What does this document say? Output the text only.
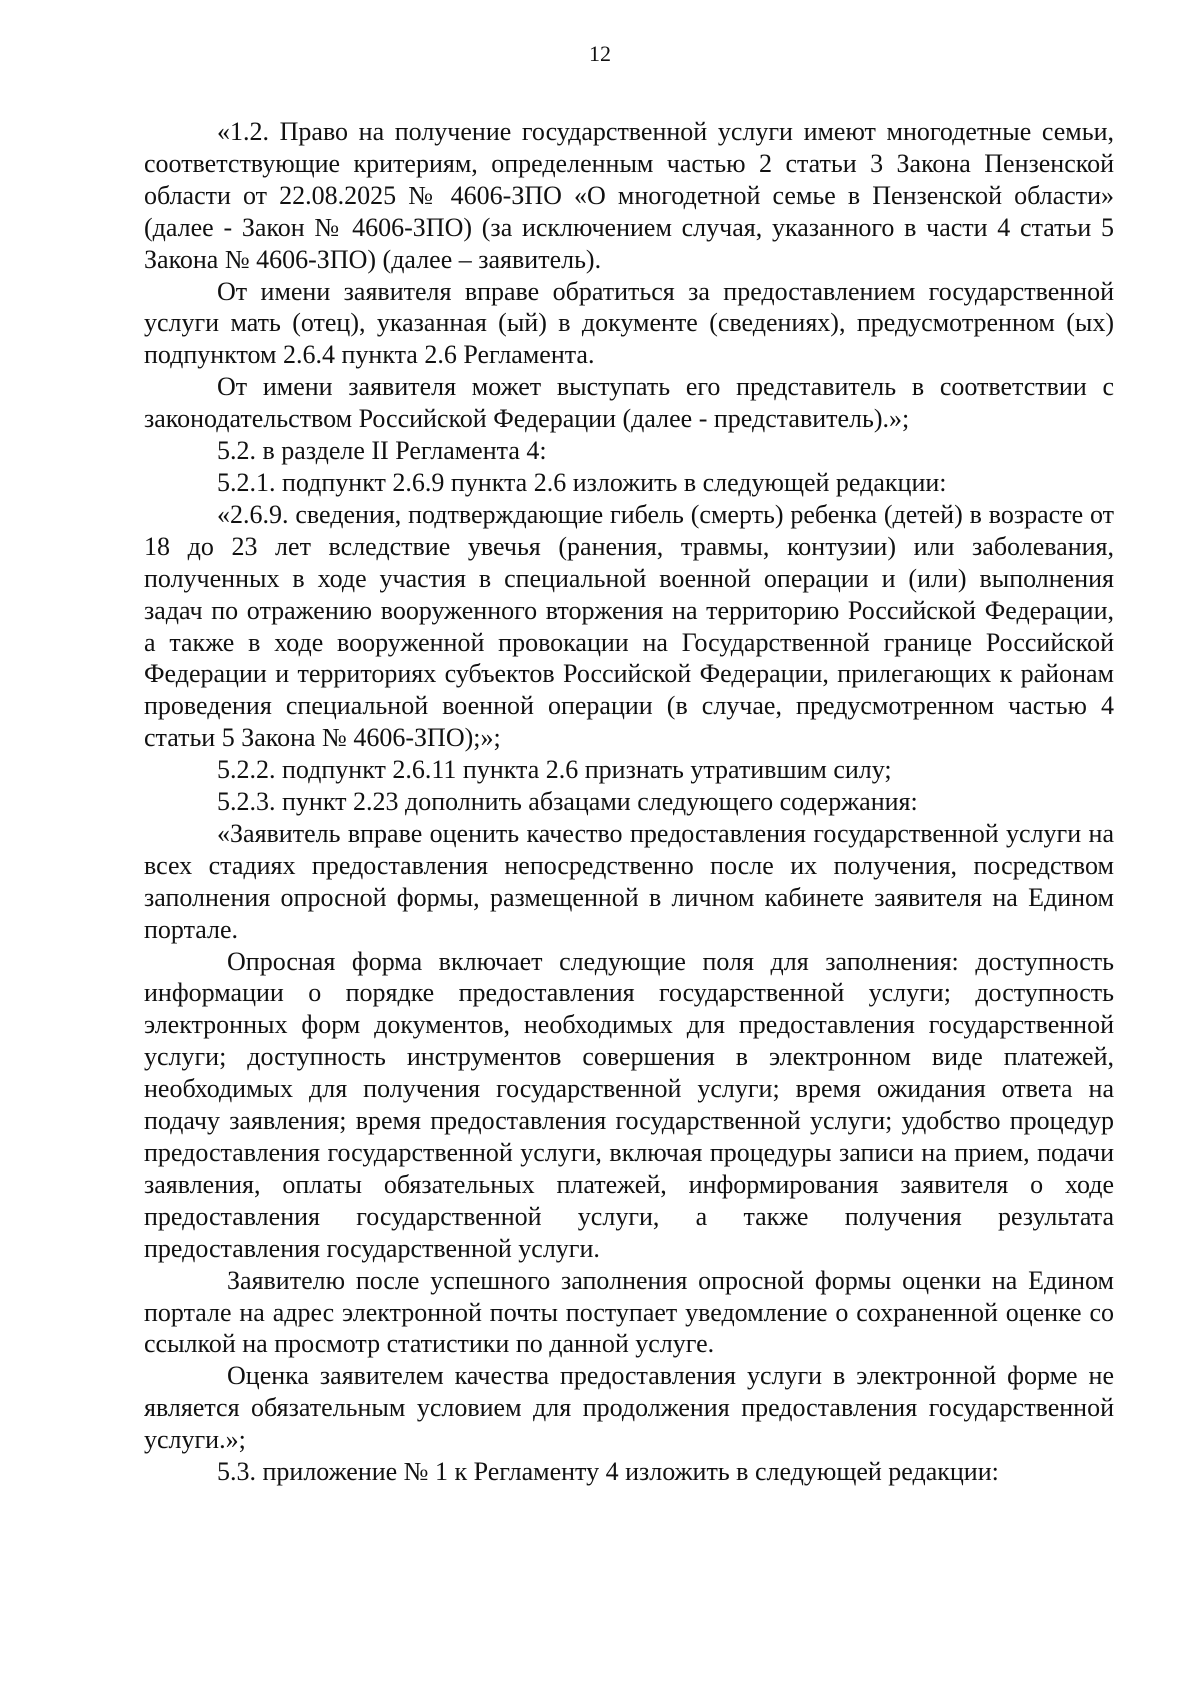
12

«1.2. Право на получение государственной услуги имеют многодетные семьи, соответствующие критериям, определенным частью 2 статьи 3 Закона Пензенской области от 22.08.2025 № 4606-ЗПО «О многодетной семье в Пензенской области» (далее - Закон № 4606-ЗПО) (за исключением случая, указанного в части 4 статьи 5 Закона № 4606-ЗПО) (далее – заявитель).

От имени заявителя вправе обратиться за предоставлением государственной услуги мать (отец), указанная (ый) в документе (сведениях), предусмотренном (ых) подпунктом 2.6.4 пункта 2.6 Регламента.

От имени заявителя может выступать его представитель в соответствии с законодательством Российской Федерации (далее - представитель).»;

5.2. в разделе II Регламента 4:

5.2.1. подпункт 2.6.9 пункта 2.6 изложить в следующей редакции:

«2.6.9. сведения, подтверждающие гибель (смерть) ребенка (детей) в возрасте от 18 до 23 лет вследствие увечья (ранения, травмы, контузии) или заболевания, полученных в ходе участия в специальной военной операции и (или) выполнения задач по отражению вооруженного вторжения на территорию Российской Федерации, а также в ходе вооруженной провокации на Государственной границе Российской Федерации и территориях субъектов Российской Федерации, прилегающих к районам проведения специальной военной операции (в случае, предусмотренном частью 4 статьи 5 Закона № 4606-ЗПО);»;

5.2.2. подпункт 2.6.11 пункта 2.6 признать утратившим силу;

5.2.3. пункт 2.23 дополнить абзацами следующего содержания:

«Заявитель вправе оценить качество предоставления государственной услуги на всех стадиях предоставления непосредственно после их получения, посредством заполнения опросной формы, размещенной в личном кабинете заявителя на Едином портале.

Опросная форма включает следующие поля для заполнения: доступность информации о порядке предоставления государственной услуги; доступность электронных форм документов, необходимых для предоставления государственной услуги; доступность инструментов совершения в электронном виде платежей, необходимых для получения государственной услуги; время ожидания ответа на подачу заявления; время предоставления государственной услуги; удобство процедур предоставления государственной услуги, включая процедуры записи на прием, подачи заявления, оплаты обязательных платежей, информирования заявителя о ходе предоставления государственной услуги, а также получения результата предоставления государственной услуги.

Заявителю после успешного заполнения опросной формы оценки на Едином портале на адрес электронной почты поступает уведомление о сохраненной оценке со ссылкой на просмотр статистики по данной услуге.

Оценка заявителем качества предоставления услуги в электронной форме не является обязательным условием для продолжения предоставления государственной услуги.»;

5.3. приложение № 1 к Регламенту 4 изложить в следующей редакции:
